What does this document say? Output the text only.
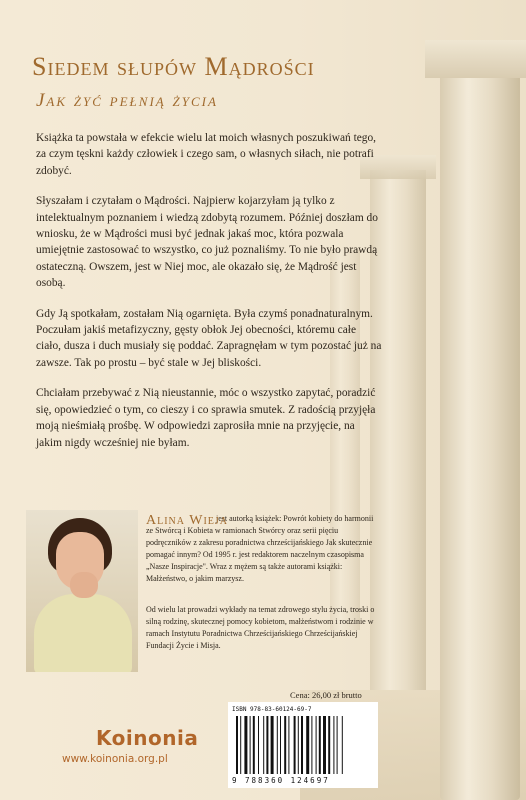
Siedem słupów Mądrości
Jak żyć pełnią życia

Książka ta powstała w efekcie wielu lat moich własnych poszukiwań tego, za czym tęskni każdy człowiek i czego sam, o własnych siłach, nie potrafi zdobyć.

Słyszałam i czytałam o Mądrości. Najpierw kojarzyłam ją tylko z intelektualnym poznaniem i wiedzą zdobytą rozumem. Później doszłam do wniosku, że w Mądrości musi być jednak jakaś moc, która pozwala umiejętnie zastosować to wszystko, co już poznaliśmy. To nie było prawdą ostateczną. Owszem, jest w Niej moc, ale okazało się, że Mądrość jest osobą.

Gdy Ją spotkałam, zostałam Nią ogarnięta. Była czymś ponadnaturalnym. Poczułam jakiś metafizyczny, gęsty obłok Jej obecności, któremu całe ciało, dusza i duch musiały się poddać. Zapragnęłam w tym pozostać już na zawsze. Tak po prostu – być stale w Jej bliskości.

Chciałam przebywać z Nią nieustannie, móc o wszystko zapytać, poradzić się, opowiedzieć o tym, co cieszy i co sprawia smutek. Z radością przyjęła moją nieśmiałą prośbę. W odpowiedzi zaprosiła mnie na przyjęcie, na jakim nigdy wcześniej nie byłam.

jest autorką książek: Powrót kobiety do harmonii ze Stwórcą i Kobieta w ramionach Stwórcy oraz serii pięciu podręczników z zakresu poradnictwa chrześcijańskiego Jak skutecznie pomagać innym? Od 1995 r. jest redaktorem naczelnym czasopisma „Nasze Inspiracje". Wraz z mężem są także autorami książki: Małżeństwo, o jakim marzysz.
Alina Wieja
Od wielu lat prowadzi wykłady na temat zdrowego stylu życia, troski o silną rodzinę, skutecznej pomocy kobietom, małżeństwom i rodzinie w ramach Instytutu Poradnictwa Chrześcijańskiego Chrześcijańskiej Fundacji Życie i Misja.
Cena: 26,00 zł brutto
Koinonia
www.koinonia.org.pl
ISBN 978-83-60124-69-7
9 788360 124697
